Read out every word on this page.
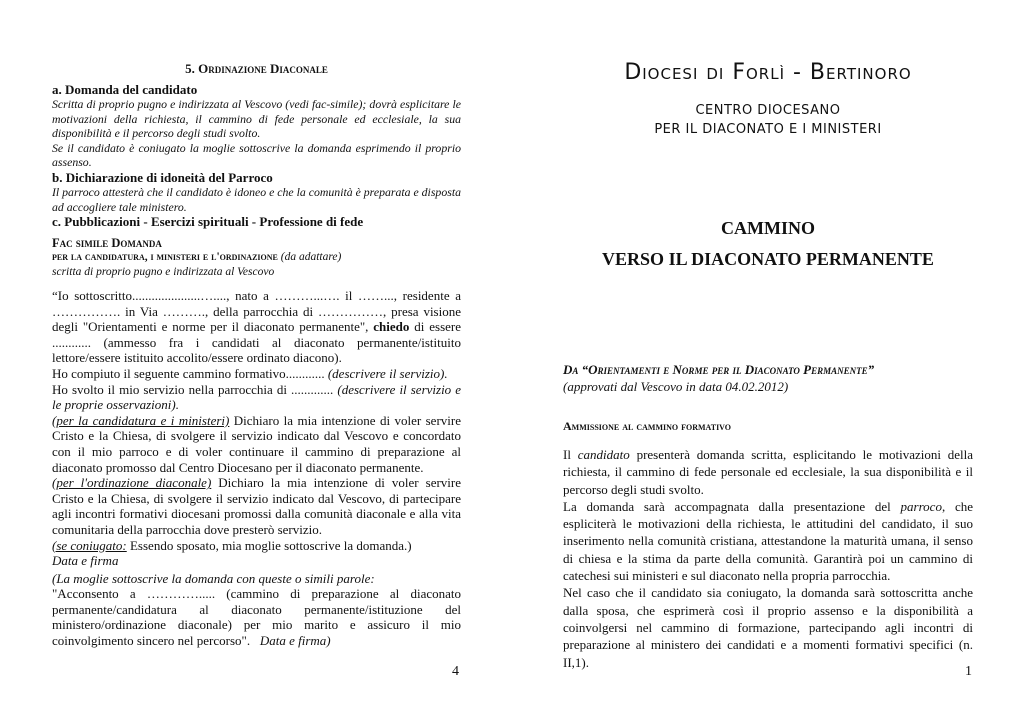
5. Ordinazione Diaconale

a. Domanda del candidato

Scritta di proprio pugno e indirizzata al Vescovo (vedi fac-simile); dovrà esplicitare le motivazioni della richiesta, il cammino di fede personale ed ecclesiale, la sua disponibilità e il percorso degli studi svolto.

Se il candidato è coniugato la moglie sottoscrive la domanda esprimendo il proprio assenso.

b. Dichiarazione di idoneità del Parroco

Il parroco attesterà che il candidato è idoneo e che la comunità è preparata e disposta ad accogliere tale ministero.

c. Pubblicazioni - Esercizi spirituali - Professione di fede

Fac simile Domanda

per la candidatura, i ministeri e l'ordinazione (da adattare)

scritta di proprio pugno e indirizzata al Vescovo

“Io sottoscritto.....................…...., nato a ………...…. il ……..., residente a ……………. in Via ………., della parrocchia di ……………, presa visione degli "Orientamenti e norme per il diaconato permanente", chiedo di essere ............ (ammesso fra i candidati al diaconato permanente/istituito lettore/essere istituito accolito/essere ordinato diacono).

Ho compiuto il seguente cammino formativo............ (descrivere il servizio).

Ho svolto il mio servizio nella parrocchia di ............. (descrivere il servizio e le proprie osservazioni).

(per la candidatura e i ministeri) Dichiaro la mia intenzione di voler servire Cristo e la Chiesa, di svolgere il servizio indicato dal Vescovo e concordato con il mio parroco e di voler continuare il cammino di preparazione al diaconato promosso dal Centro Diocesano per il diaconato permanente.

(per l'ordinazione diaconale) Dichiaro la mia intenzione di voler servire Cristo e la Chiesa, di svolgere il servizio indicato dal Vescovo, di partecipare agli incontri formativi diocesani promossi dalla comunità diaconale e alla vita comunitaria della parrocchia dove presterò servizio.

(se coniugato: Essendo sposato, mia moglie sottoscrive la domanda.)

Data e firma

(La moglie sottoscrive la domanda con queste o simili parole:

"Acconsento a …………..... (cammino di preparazione al diaconato permanente/candidatura al diaconato permanente/istituzione del ministero/ordinazione diaconale) per mio marito e assicuro il mio coinvolgimento sincero nel percorso". Data e firma)

4
Diocesi di Forlì - Bertinoro
CENTRO DIOCESANO
PER IL DIACONATO E I MINISTERI
CAMMINO
VERSO IL DIACONATO PERMANENTE
Da “Orientamenti e Norme per il Diaconato Permanente”
(approvati dal Vescovo in data 04.02.2012)
Ammissione al cammino formativo

Il candidato presenterà domanda scritta, esplicitando le motivazioni della richiesta, il cammino di fede personale ed ecclesiale, la sua disponibilità e il percorso degli studi svolto.

La domanda sarà accompagnata dalla presentazione del parroco, che espliciterà le motivazioni della richiesta, le attitudini del candidato, il suo inserimento nella comunità cristiana, attestandone la maturità umana, il senso di chiesa e la stima da parte della comunità. Garantirà poi un cammino di catechesi sui ministeri e sul diaconato nella propria parrocchia.

Nel caso che il candidato sia coniugato, la domanda sarà sottoscritta anche dalla sposa, che esprimerà così il proprio assenso e la disponibilità a coinvolgersi nel cammino di formazione, partecipando agli incontri di preparazione al ministero dei candidati e a momenti formativi specifici (n. II,1).

1
